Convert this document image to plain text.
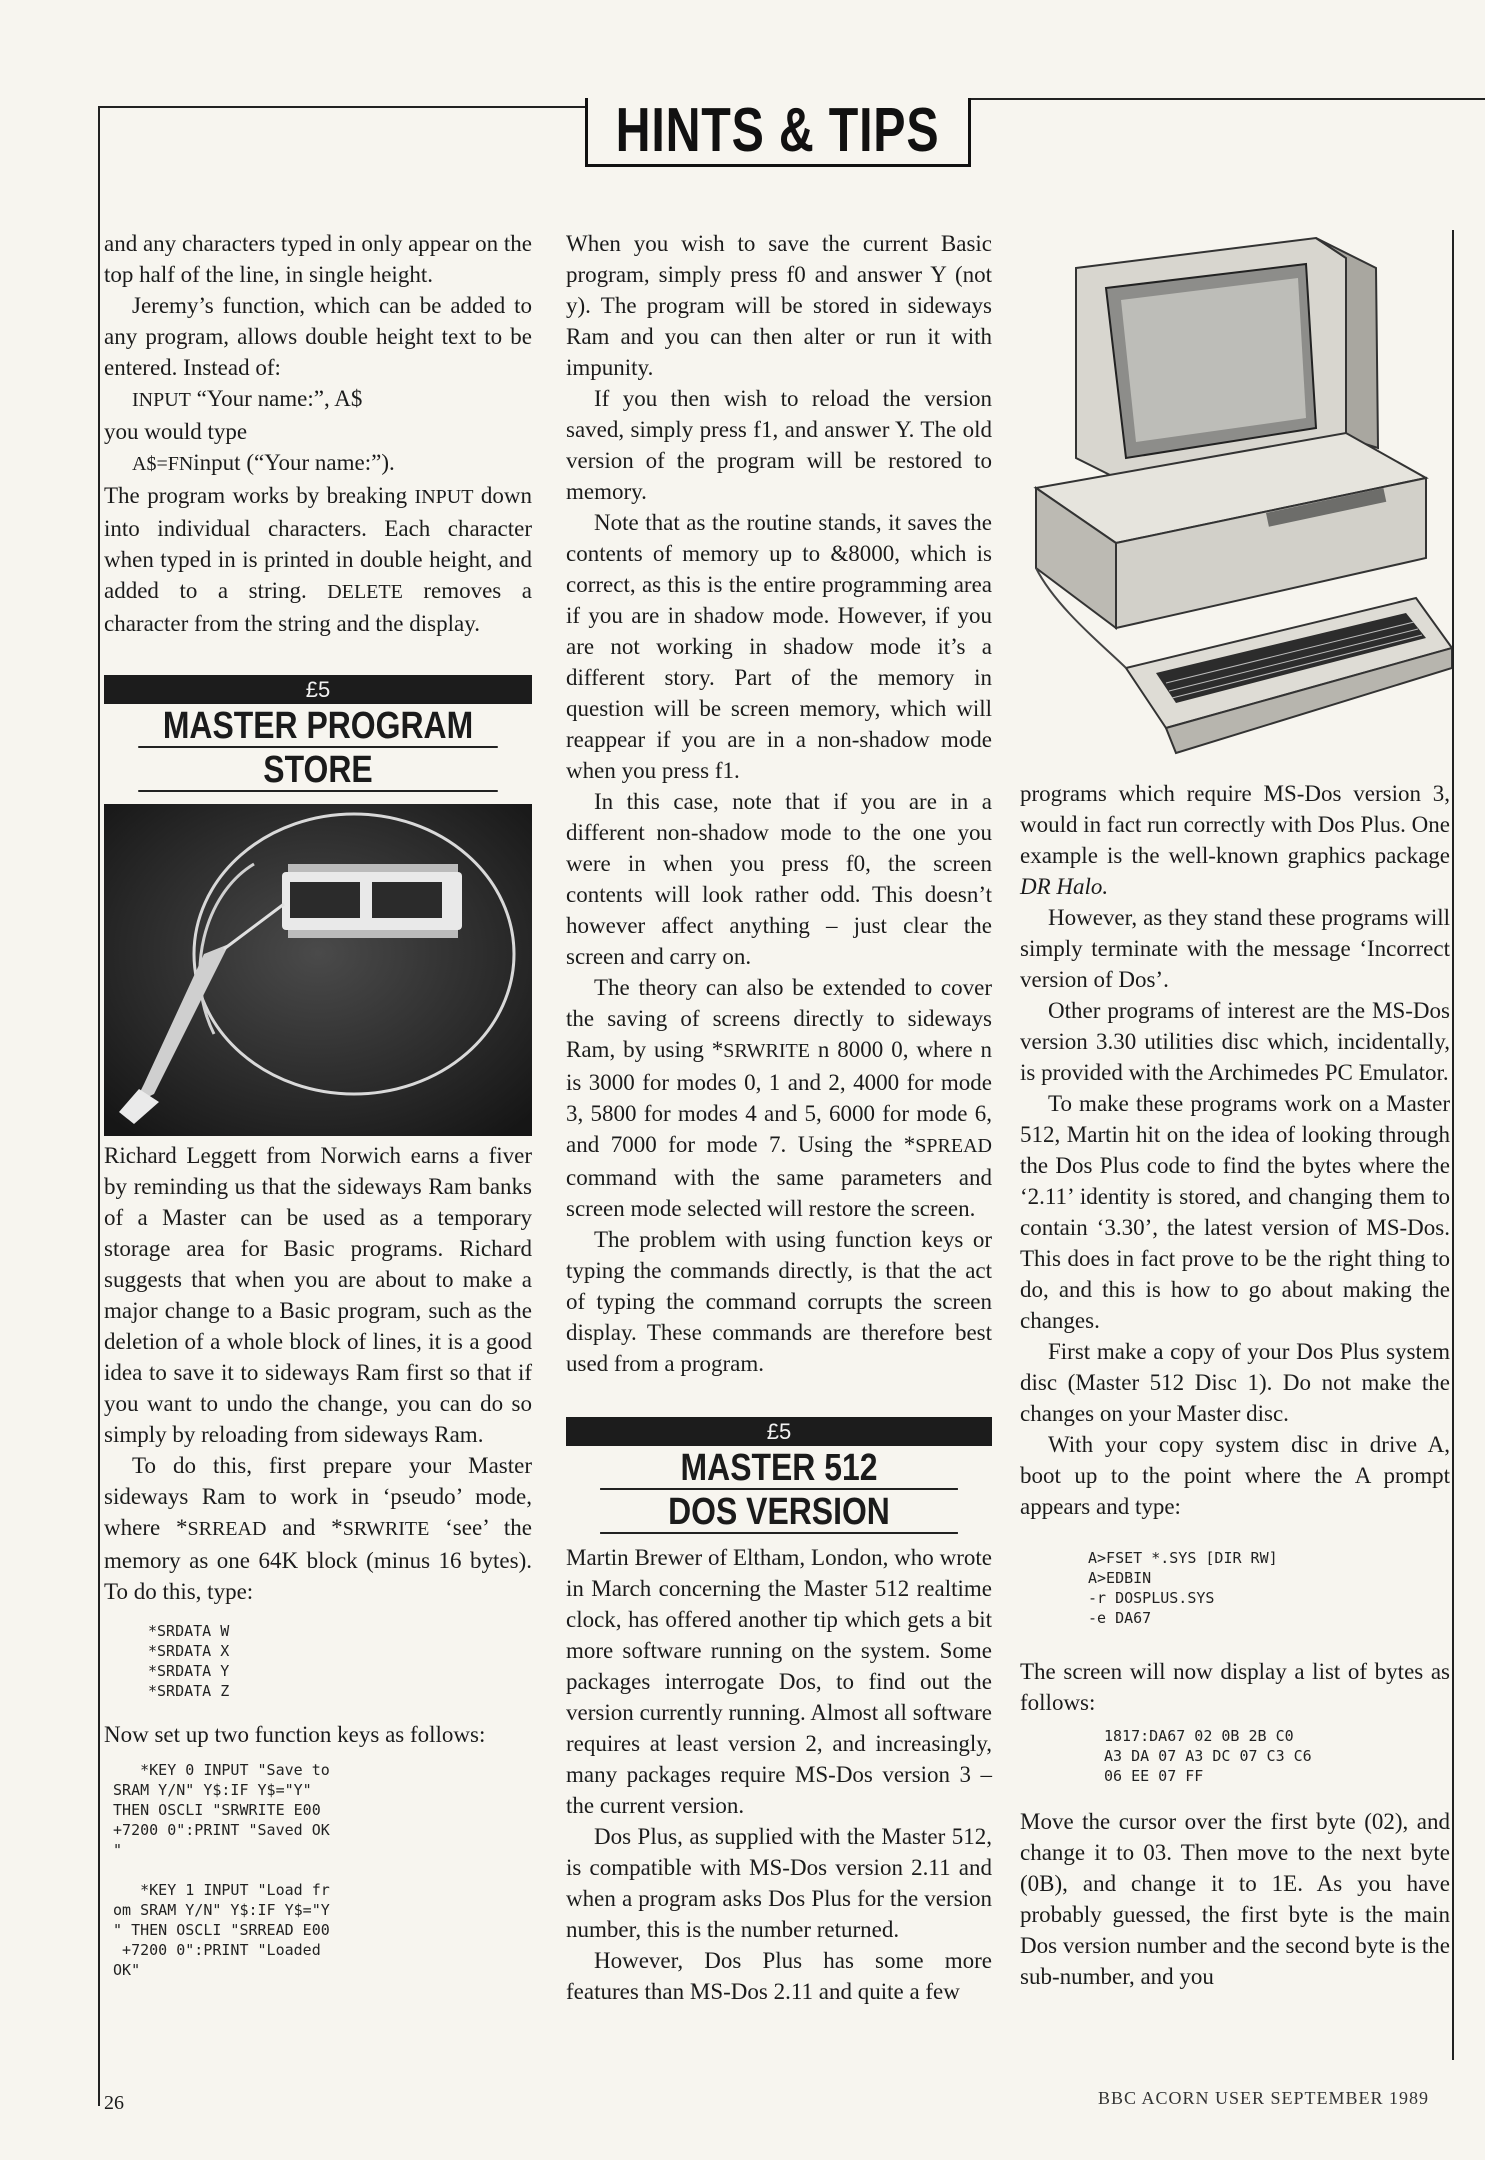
HINTS & TIPS

and any characters typed in only appear on the top half of the line, in single height.

Jeremy’s function, which can be added to any program, allows double height text to be entered. Instead of:

INPUT “Your name:”, A$

you would type

A$=FNinput (“Your name:”).

The program works by breaking INPUT down into individual characters. Each character when typed in is printed in double height, and added to a string. DELETE removes a character from the string and the display.

£5
MASTER PROGRAM
STORE

Richard Leggett from Norwich earns a fiver by reminding us that the sideways Ram banks of a Master can be used as a temporary storage area for Basic programs. Richard suggests that when you are about to make a major change to a Basic program, such as the deletion of a whole block of lines, it is a good idea to save it to sideways Ram first so that if you want to undo the change, you can do so simply by reloading from sideways Ram.

To do this, first prepare your Master sideways Ram to work in ‘pseudo’ mode, where *SRREAD and *SRWRITE ‘see’ the memory as one 64K block (minus 16 bytes). To do this, type:

*SRDATA W
*SRDATA X
*SRDATA Y
*SRDATA Z

Now set up two function keys as follows:

*KEY 0 INPUT "Save to
SRAM Y/N" Y$:IF Y$="Y"
THEN OSCLI "SRWRITE E00
+7200 0":PRINT "Saved OK
"

*KEY 1 INPUT "Load fr
om SRAM Y/N" Y$:IF Y$="Y
" THEN OSCLI "SRREAD E00
+7200 0":PRINT "Loaded
OK"

When you wish to save the current Basic program, simply press f0 and answer Y (not y). The program will be stored in sideways Ram and you can then alter or run it with impunity.

If you then wish to reload the version saved, simply press f1, and answer Y. The old version of the program will be restored to memory.

Note that as the routine stands, it saves the contents of memory up to &8000, which is correct, as this is the entire programming area if you are in shadow mode. However, if you are not working in shadow mode it’s a different story. Part of the memory in question will be screen memory, which will reappear if you are in a non-shadow mode when you press f1.

In this case, note that if you are in a different non-shadow mode to the one you were in when you press f0, the screen contents will look rather odd. This doesn’t however affect anything – just clear the screen and carry on.

The theory can also be extended to cover the saving of screens directly to sideways Ram, by using *SRWRITE n 8000 0, where n is 3000 for modes 0, 1 and 2, 4000 for mode 3, 5800 for modes 4 and 5, 6000 for mode 6, and 7000 for mode 7. Using the *SPREAD command with the same parameters and screen mode selected will restore the screen.

The problem with using function keys or typing the commands directly, is that the act of typing the command corrupts the screen display. These commands are therefore best used from a program.

£5
MASTER 512
DOS VERSION

Martin Brewer of Eltham, London, who wrote in March concerning the Master 512 realtime clock, has offered another tip which gets a bit more software running on the system. Some packages interrogate Dos, to find out the version currently running. Almost all software requires at least version 2, and increasingly, many packages require MS-Dos version 3 – the current version.

Dos Plus, as supplied with the Master 512, is compatible with MS-Dos version 2.11 and when a program asks Dos Plus for the version number, this is the number returned.

However, Dos Plus has some more features than MS-Dos 2.11 and quite a few

programs which require MS-Dos version 3, would in fact run correctly with Dos Plus. One example is the well-known graphics package DR Halo.

However, as they stand these programs will simply terminate with the message ‘Incorrect version of Dos’.

Other programs of interest are the MS-Dos version 3.30 utilities disc which, incidentally, is provided with the Archimedes PC Emulator.

To make these programs work on a Master 512, Martin hit on the idea of looking through the Dos Plus code to find the bytes where the ‘2.11’ identity is stored, and changing them to contain ‘3.30’, the latest version of MS-Dos. This does in fact prove to be the right thing to do, and this is how to go about making the changes.

First make a copy of your Dos Plus system disc (Master 512 Disc 1). Do not make the changes on your Master disc.

With your copy system disc in drive A, boot up to the point where the A prompt appears and type:

A>FSET *.SYS [DIR RW]
A>EDBIN
-r DOSPLUS.SYS
-e DA67

The screen will now display a list of bytes as follows:

1817:DA67 02 0B 2B C0
A3 DA 07 A3 DC 07 C3 C6
06 EE 07 FF

Move the cursor over the first byte (02), and change it to 03. Then move to the next byte (0B), and change it to 1E. As you have probably guessed, the first byte is the main Dos version number and the second byte is the sub-number, and you

26	BBC ACORN USER SEPTEMBER 1989
